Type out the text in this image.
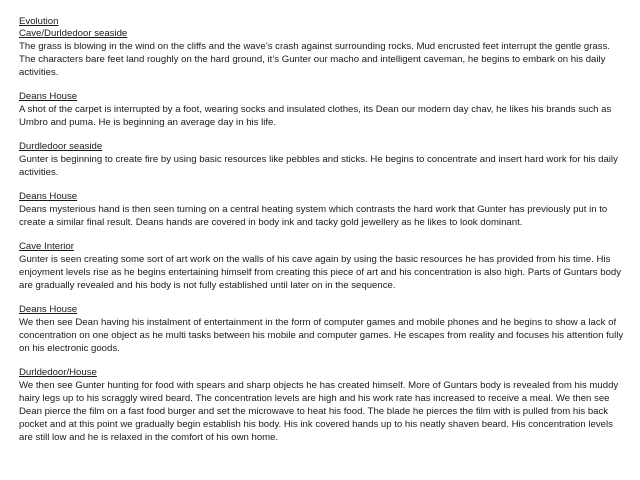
Evolution

Cave/Durldedoor seaside

The grass is blowing in the wind on the cliffs and the wave’s crash against surrounding rocks. Mud encrusted feet interrupt the gentle grass. The characters bare feet land roughly on the hard ground, it’s Gunter our macho and intelligent caveman, he begins to embark on his daily activities.

Deans House

A shot of the carpet is interrupted by a foot, wearing socks and insulated clothes, its Dean our modern day chav, he likes his brands such as Umbro and puma. He is beginning an average day in his life.

Durdledoor seaside

Gunter is beginning to create fire by using basic resources like pebbles and sticks. He begins to concentrate and insert hard work for his daily activities.

Deans House

Deans mysterious hand is then seen turning on a central heating system which contrasts the hard work that Gunter has previously put in to create a similar final result. Deans hands are covered in body ink and tacky gold jewellery as he likes to look dominant.

Cave Interior

Gunter is seen creating some sort of art work on the walls of his cave again by using the basic resources he has provided from his time. His enjoyment levels rise as he begins entertaining himself from creating this piece of art and his concentration is also high. Parts of Guntars body are gradually revealed and his body is not fully established until later on in the sequence.

Deans House

We then see Dean having his instalment of entertainment in the form of computer games and mobile phones and he begins to show a lack of concentration on one object as he multi tasks between his mobile and computer games. He escapes from reality and focuses his attention fully on his electronic goods.

Durldedoor/House

We then see Gunter hunting for food with spears and sharp objects he has created himself. More of Guntars body is revealed from his muddy hairy legs up to his scraggly wired beard. The concentration levels are high and his work rate has increased to receive a meal. We then see Dean pierce the film on a fast food burger and set the microwave to heat his food. The blade he pierces the film with is pulled from his back pocket and at this point we gradually begin establish his body. His ink covered hands up to his neatly shaven beard. His concentration levels are still low and he is relaxed in the comfort of his own home.
